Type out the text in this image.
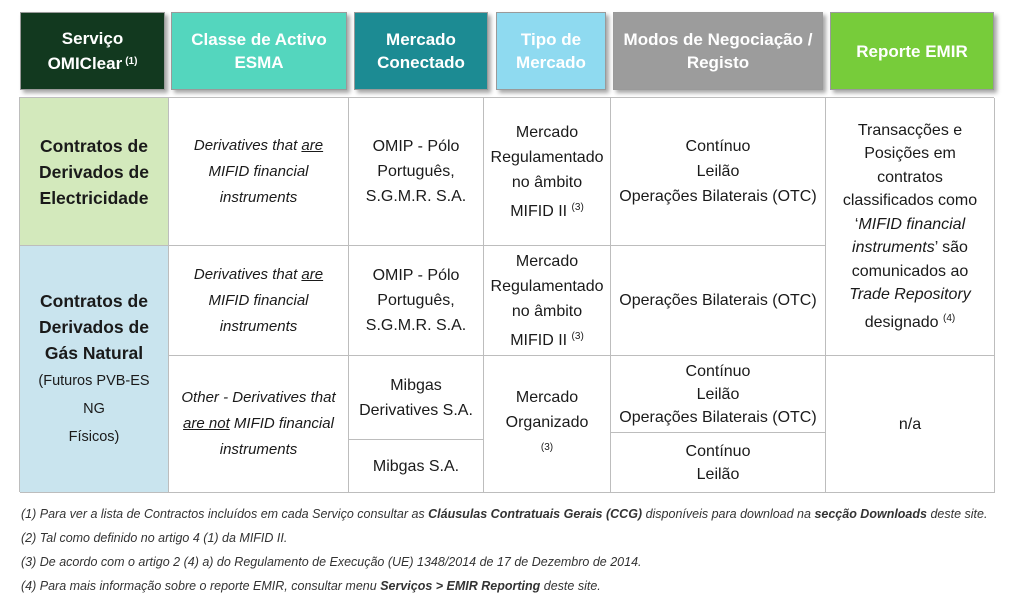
Serviço
OMIClear $^{(1)}$
Classe de Activo
ESMA
Mercado
Conectado
Tipo de
Mercado
Modos de Negociação /
Registo
Reporte EMIR
Contratos de
Derivados de
Electricidade
Derivatives that are
MIFID financial
instruments
OMIP - Pólo
Português,
S.G.M.R. S.A.
Mercado
Regulamentado
no âmbito
MIFID II $^{(3)}$
Contínuo
Leilão
Operações Bilaterais (OTC)
Transacções e
Posições em contratos
classificados como
‘MIFID financial
instruments’ são
comunicados ao
Trade Repository
designado $^{(4)}$
Contratos de
Derivados de
Gás Natural
(Futuros PVB-ES NG
Físicos)
Derivatives that are
MIFID financial
instruments
OMIP - Pólo
Português,
S.G.M.R. S.A.
Mercado
Regulamentado
no âmbito
MIFID II $^{(3)}$
Operações Bilaterais (OTC)
Other - Derivatives that
are not MIFID financial
instruments
Mibgas
Derivatives S.A.
Mibgas S.A.
Mercado
Organizado
$^{(3)}$
Contínuo
Leilão
Operações Bilaterais (OTC)
Contínuo
Leilão
n/a
(1) Para ver a lista de Contractos incluídos em cada Serviço consultar as Cláusulas Contratuais Gerais (CCG) disponíveis para download na secção Downloads deste site.
(2) Tal como definido no artigo 4 (1) da MIFID II.
(3) De acordo com o artigo 2 (4) a) do Regulamento de Execução (UE) 1348/2014 de 17 de Dezembro de 2014.
(4) Para mais informação sobre o reporte EMIR, consultar menu Serviços > EMIR Reporting deste site.
